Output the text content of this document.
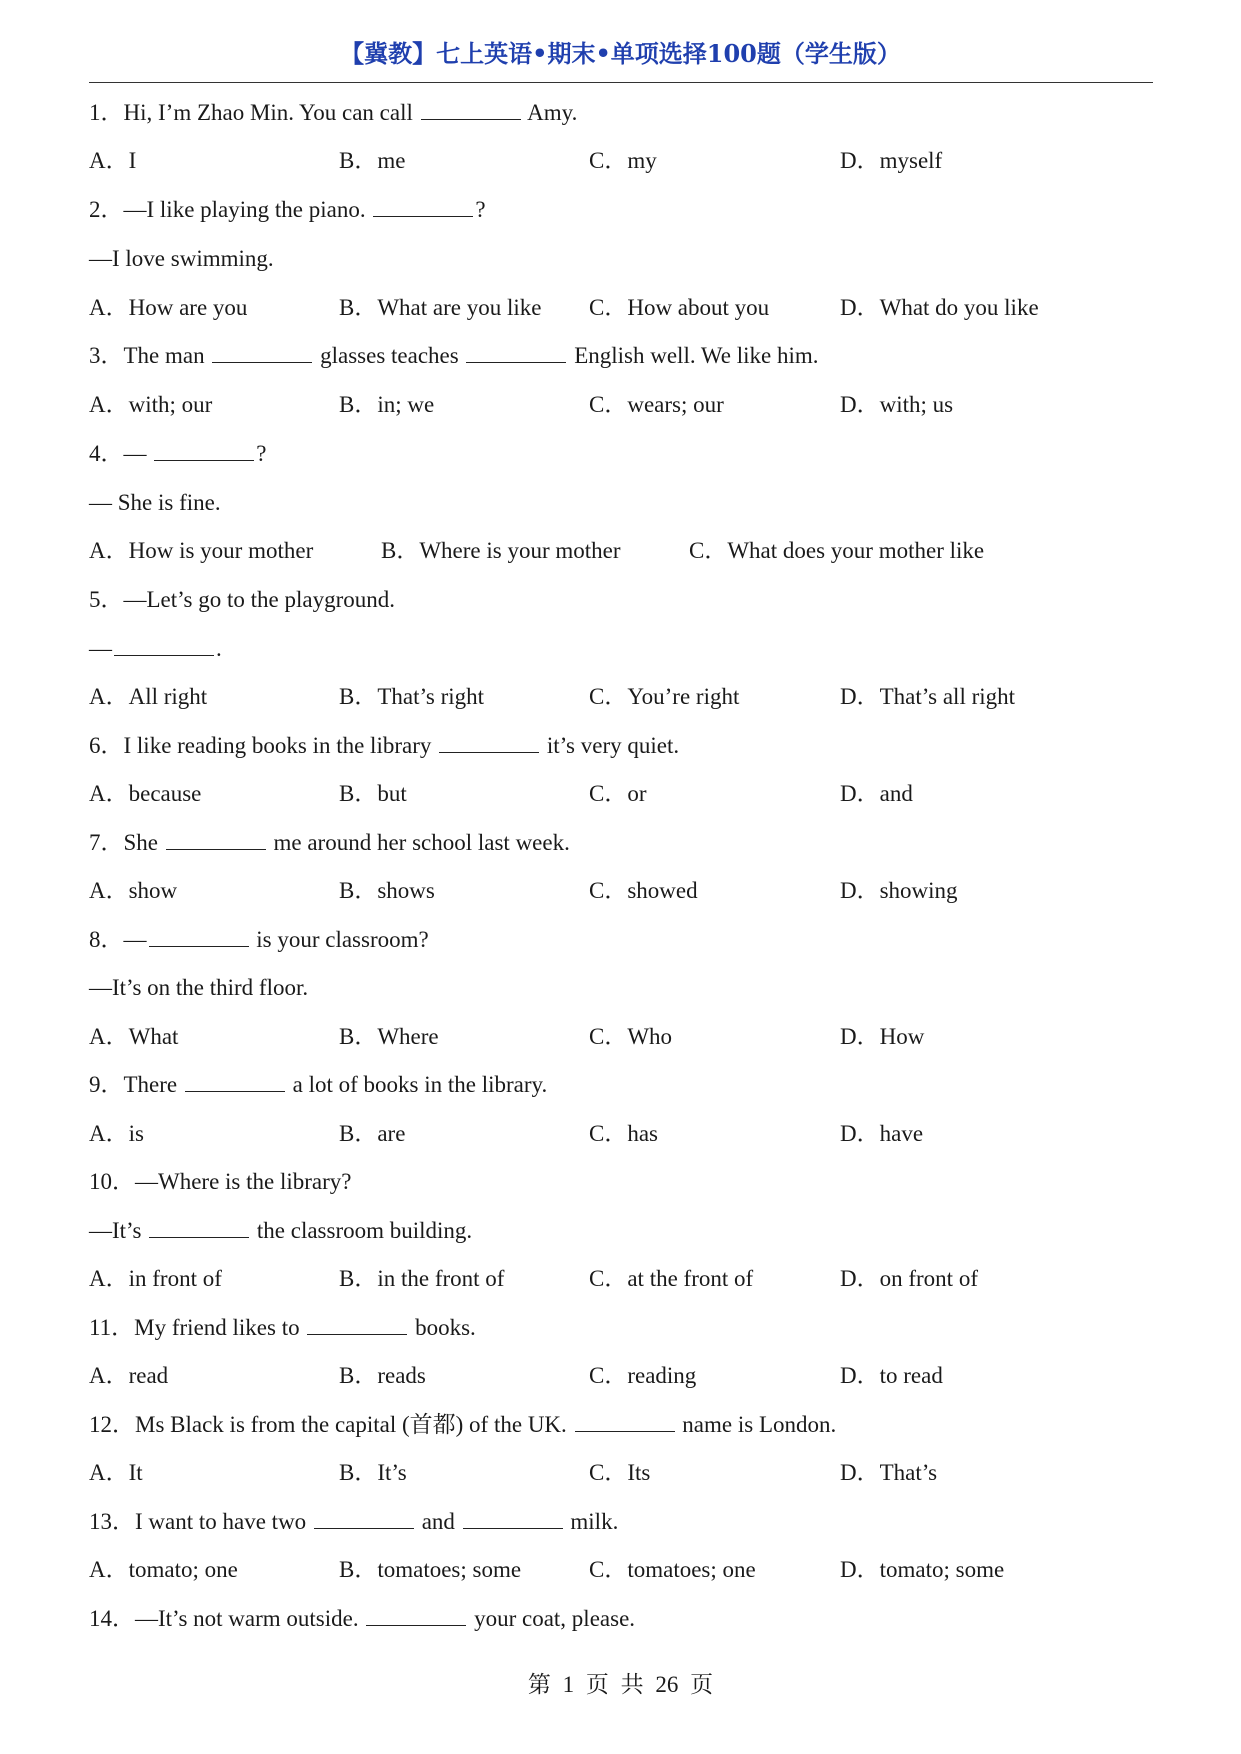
【冀教】七上英语•期末•单项选择100题（学生版）
1．Hi, I’m Zhao Min. You can call	Amy.
A．I	B．me	C．my	D．myself
2．—I like playing the piano.	?
—I love swimming.
A．How are you	B．What are you like C．How about you	D．What do you like
3．The man	glasses teaches	English well. We like him.
A．with; our	B．in; we	C．wears; our	D．with; us
4．—	?
— She is fine.
A．How is your mother	B．Where is your mother	C．What does your mother like
5．—Let’s go to the playground.
—	.
A．All right	B．That’s right	C．You’re right	D．That’s all right
6．I like reading books in the library	it’s very quiet.
A．because	B．but	C．or	D．and
7．She	me around her school last week.
A．show	B．shows	C．showed	D．showing
8．—	is your classroom?
—It’s on the third floor.
A．What	B．Where	C．Who	D．How
9．There	a lot of books in the library.
A．is	B．are	C．has	D．have
10．—Where is the library?
—It’s	the classroom building.
A．in front of	B．in the front of	C．at the front of	D．on front of
11．My friend likes to	books.
A．read	B．reads	C．reading	D．to read
12．Ms Black is from the capital (首都) of the UK.	name is London.
A．It	B．It’s	C．Its	D．That’s
13．I want to have two	and	milk.
A．tomato; one	B．tomatoes; some	C．tomatoes; one	D．tomato; some
14．—It’s not warm outside.	your coat, please.
第 1 页 共 26 页
